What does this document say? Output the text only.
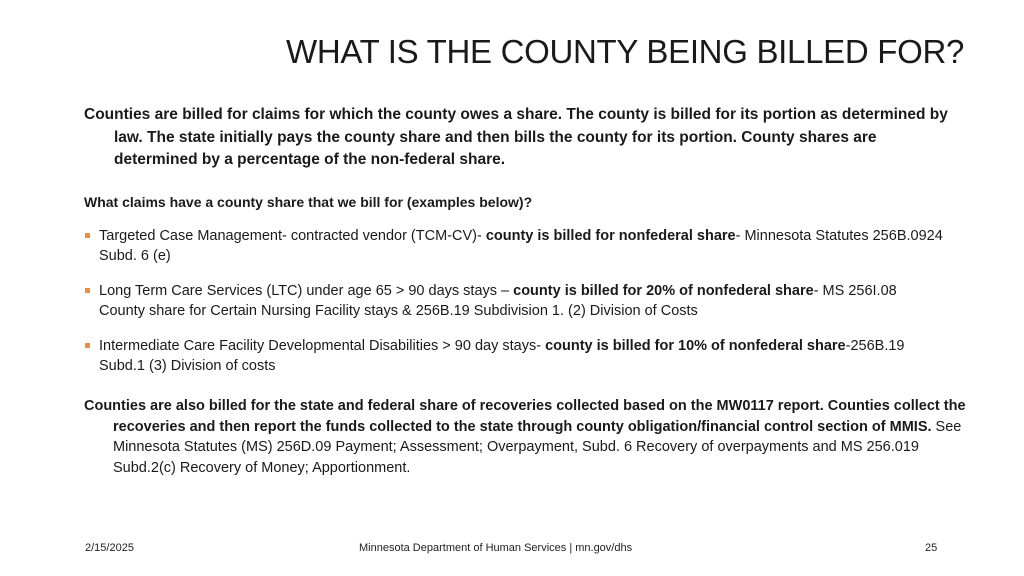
WHAT IS THE COUNTY BEING BILLED FOR?
Counties are billed for claims for which the county owes a share. The county is billed for its portion as determined by law. The state initially pays the county share and then bills the county for its portion. County shares are determined by a percentage of the non-federal share.
What claims have a county share that we bill for (examples below)?
Targeted Case Management- contracted vendor (TCM-CV)- county is billed for nonfederal share- Minnesota Statutes 256B.0924 Subd. 6 (e)
Long Term Care Services (LTC) under age 65 > 90 days stays – county is billed for 20% of nonfederal share- MS 256I.08 County share for Certain Nursing Facility stays & 256B.19 Subdivision 1. (2) Division of Costs
Intermediate Care Facility Developmental Disabilities > 90 day stays- county is billed for 10% of nonfederal share-256B.19 Subd.1 (3) Division of costs
Counties are also billed for the state and federal share of recoveries collected based on the MW0117 report. Counties collect the recoveries and then report the funds collected to the state through county obligation/financial control section of MMIS. See Minnesota Statutes (MS) 256D.09 Payment; Assessment; Overpayment, Subd. 6 Recovery of overpayments and MS 256.019 Subd.2(c) Recovery of Money; Apportionment.
2/15/2025	Minnesota Department of Human Services | mn.gov/dhs	25
